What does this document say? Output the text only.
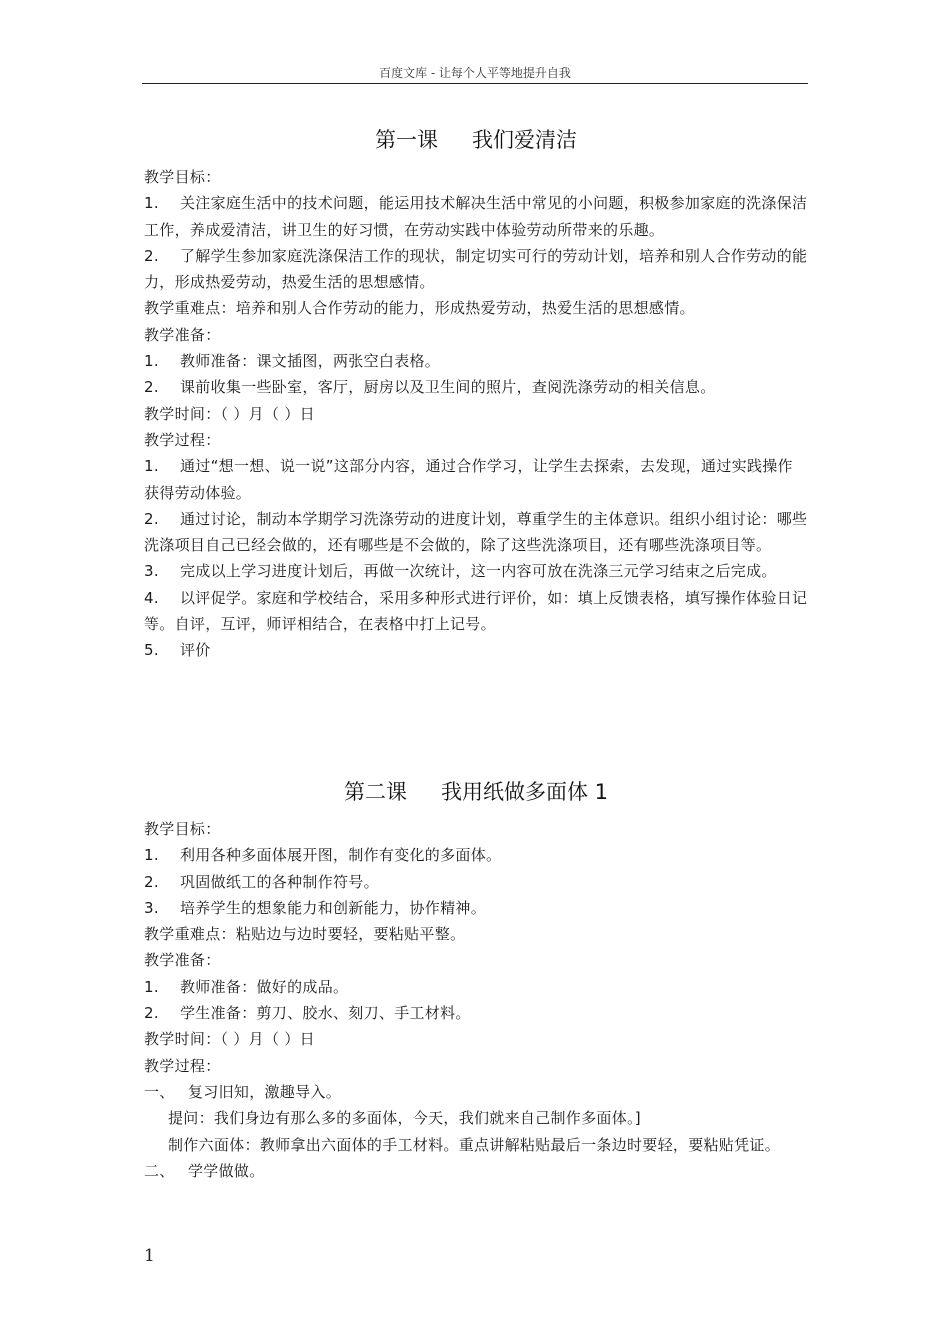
百度文库 - 让每个人平等地提升自我
第一课 我们爱清洁
教学目标：
1. 关注家庭生活中的技术问题，能运用技术解决生活中常见的小问题，积极参加家庭的洗涤保洁工作，养成爱清洁，讲卫生的好习惯，在劳动实践中体验劳动所带来的乐趣。
2. 了解学生参加家庭洗涤保洁工作的现状，制定切实可行的劳动计划，培养和别人合作劳动的能力，形成热爱劳动，热爱生活的思想感情。
教学重难点：培养和别人合作劳动的能力，形成热爱劳动，热爱生活的思想感情。
教学准备：
1. 教师准备：课文插图，两张空白表格。
2. 课前收集一些卧室，客厅，厨房以及卫生间的照片，查阅洗涤劳动的相关信息。
教学时间：（ ）月（ ）日
教学过程：
1. 通过“想一想、说一说”这部分内容，通过合作学习，让学生去探索，去发现，通过实践操作获得劳动体验。
2. 通过讨论，制动本学期学习洗涤劳动的进度计划，尊重学生的主体意识。组织小组讨论：哪些洗涤项目自己已经会做的，还有哪些是不会做的，除了这些洗涤项目，还有哪些洗涤项目等。
3. 完成以上学习进度计划后，再做一次统计，这一内容可放在洗涤三元学习结束之后完成。
4. 以评促学。家庭和学校结合，采用多种形式进行评价，如：填上反馈表格，填写操作体验日记等。自评，互评，师评相结合，在表格中打上记号。
5. 评价
第二课 我用纸做多面体 1
教学目标：
1. 利用各种多面体展开图，制作有变化的多面体。
2. 巩固做纸工的各种制作符号。
3. 培养学生的想象能力和创新能力，协作精神。
教学重难点：粘贴边与边时要轻，要粘贴平整。
教学准备：
1. 教师准备：做好的成品。
2. 学生准备：剪刀、胶水、刻刀、手工材料。
教学时间：（ ）月（ ）日
教学过程：
一、 复习旧知，激趣导入。
提问：我们身边有那么多的多面体，今天，我们就来自己制作多面体。]
制作六面体：教师拿出六面体的手工材料。重点讲解粘贴最后一条边时要轻，要粘贴凭证。
二、 学学做做。
1
